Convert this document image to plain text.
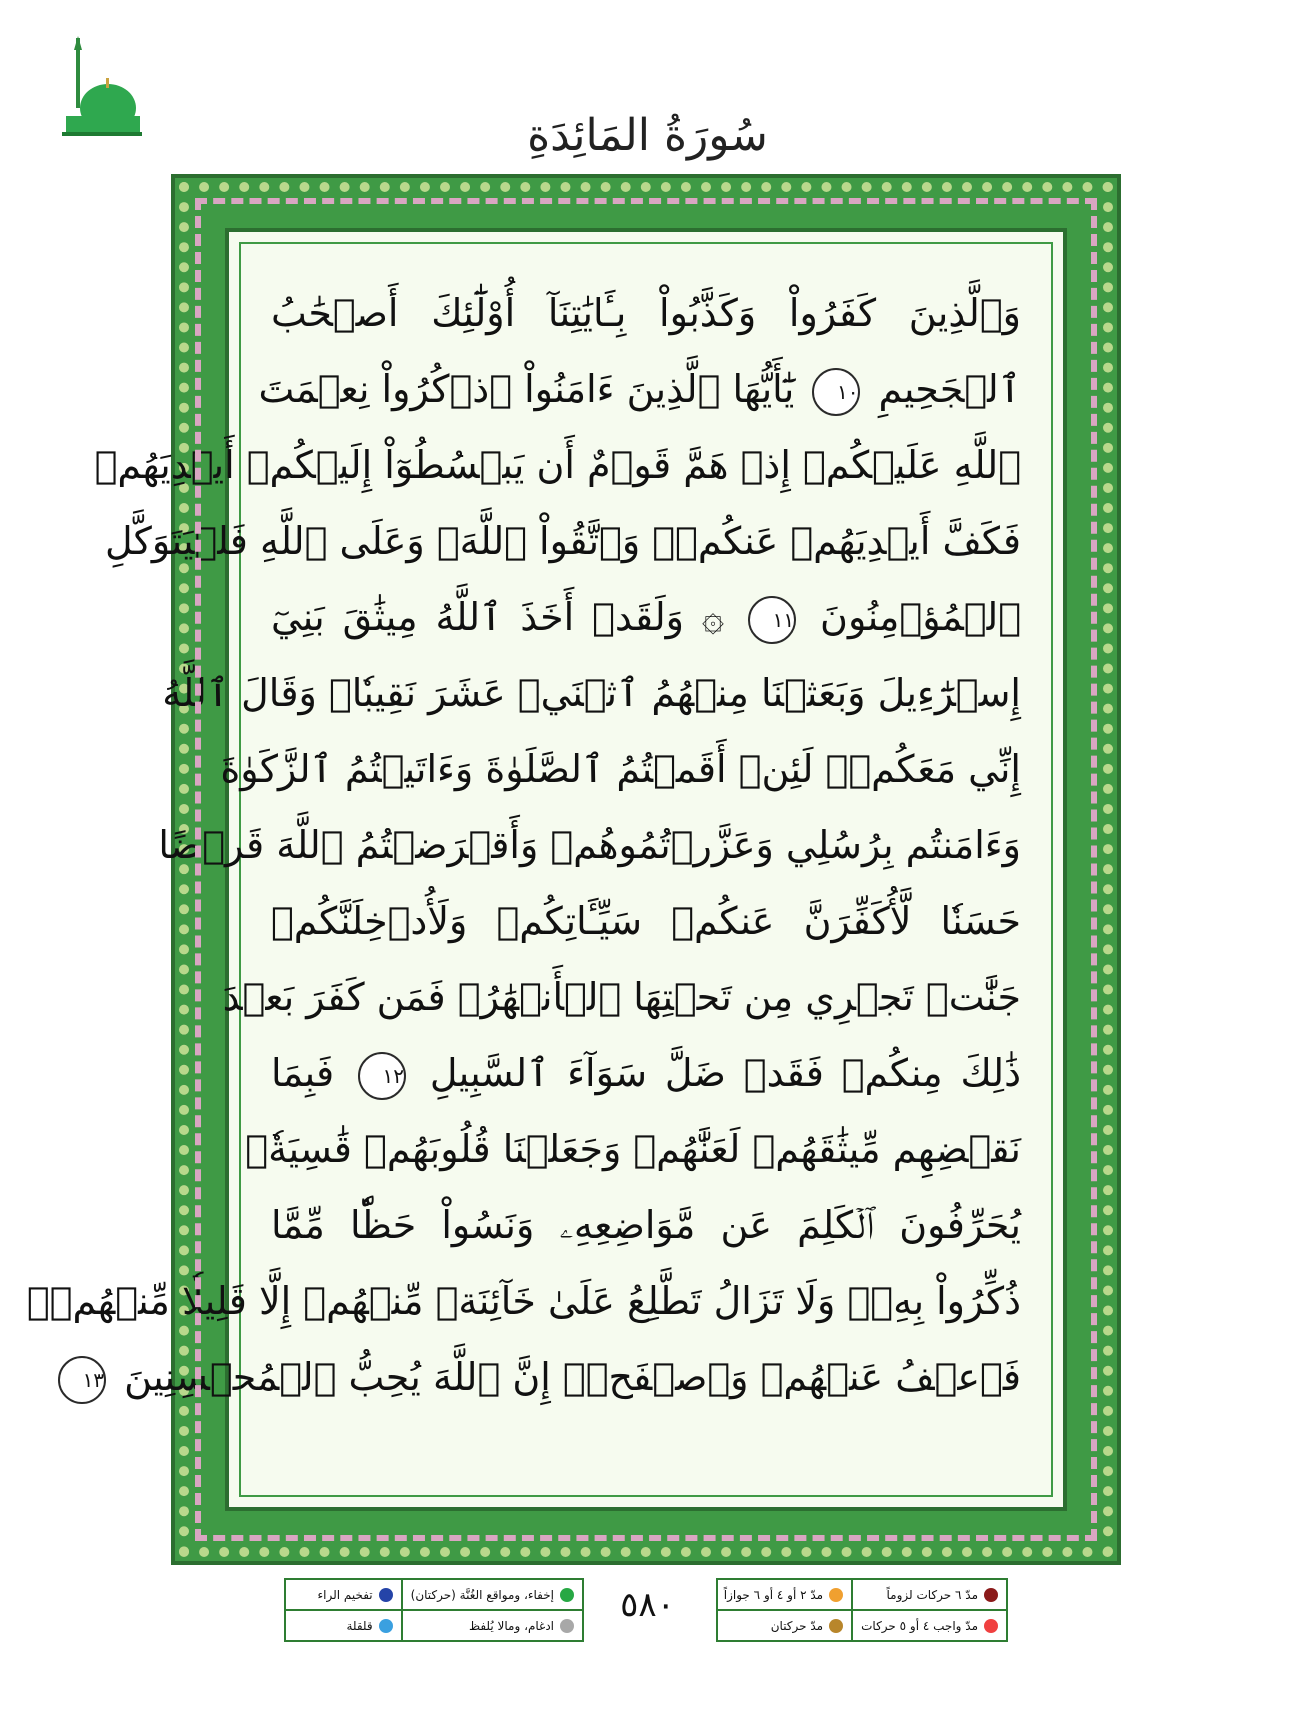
سُورَةُ المَائِدَةِ
وَٱلَّذِينَ كَفَرُواْ وَكَذَّبُواْ بِـَٔايَٰتِنَآ أُوْلَٰٓئِكَ أَصۡحَٰبُ
ٱلۡجَحِيمِ ١٠ يَٰٓأَيُّهَا ٱلَّذِينَ ءَامَنُواْ ٱذۡكُرُواْ نِعۡمَتَ
ٱللَّهِ عَلَيۡكُمۡ إِذۡ هَمَّ قَوۡمٌ أَن يَبۡسُطُوٓاْ إِلَيۡكُمۡ أَيۡدِيَهُمۡ
فَكَفَّ أَيۡدِيَهُمۡ عَنكُمۡۖ وَٱتَّقُواْ ٱللَّهَۚ وَعَلَى ٱللَّهِ فَلۡيَتَوَكَّلِ
ٱلۡمُؤۡمِنُونَ ١١ ۞ وَلَقَدۡ أَخَذَ ٱللَّهُ مِيثَٰقَ بَنِيٓ
إِسۡرَٰٓءِيلَ وَبَعَثۡنَا مِنۡهُمُ ٱثۡنَيۡ عَشَرَ نَقِيبٗاۖ وَقَالَ ٱللَّهُ
إِنِّي مَعَكُمۡۖ لَئِنۡ أَقَمۡتُمُ ٱلصَّلَوٰةَ وَءَاتَيۡتُمُ ٱلزَّكَوٰةَ
وَءَامَنتُم بِرُسُلِي وَعَزَّرۡتُمُوهُمۡ وَأَقۡرَضۡتُمُ ٱللَّهَ قَرۡضًا
حَسَنٗا لَّأُكَفِّرَنَّ عَنكُمۡ سَيِّـَٔاتِكُمۡ وَلَأُدۡخِلَنَّكُمۡ
جَنَّٰتٖ تَجۡرِي مِن تَحۡتِهَا ٱلۡأَنۡهَٰرُۚ فَمَن كَفَرَ بَعۡدَ
ذَٰلِكَ مِنكُمۡ فَقَدۡ ضَلَّ سَوَآءَ ٱلسَّبِيلِ ١٢ فَبِمَا
نَقۡضِهِم مِّيثَٰقَهُمۡ لَعَنَّٰهُمۡ وَجَعَلۡنَا قُلُوبَهُمۡ قَٰسِيَةٗۖ
يُحَرِّفُونَ ٱلۡكَلِمَ عَن مَّوَاضِعِهِۦ وَنَسُواْ حَظّٗا مِّمَّا
ذُكِّرُواْ بِهِۦۚ وَلَا تَزَالُ تَطَّلِعُ عَلَىٰ خَآئِنَةٖ مِّنۡهُمۡ إِلَّا قَلِيلٗا مِّنۡهُمۡۖ
فَٱعۡفُ عَنۡهُمۡ وَٱصۡفَحۡۚ إِنَّ ٱللَّهَ يُحِبُّ ٱلۡمُحۡسِنِينَ ١٣
إخفاء، ومواقع الغُنَّة (حركتان)
تفخيم الراء
ادغام، ومالا يُلفظ
قلقلة
٥٨٠	مدّ ٦ حركات لزوماً
مدّ ٢ أو ٤ أو ٦ جوازاً
مدّ واجب ٤ أو ٥ حركات
مدّ حركتان
